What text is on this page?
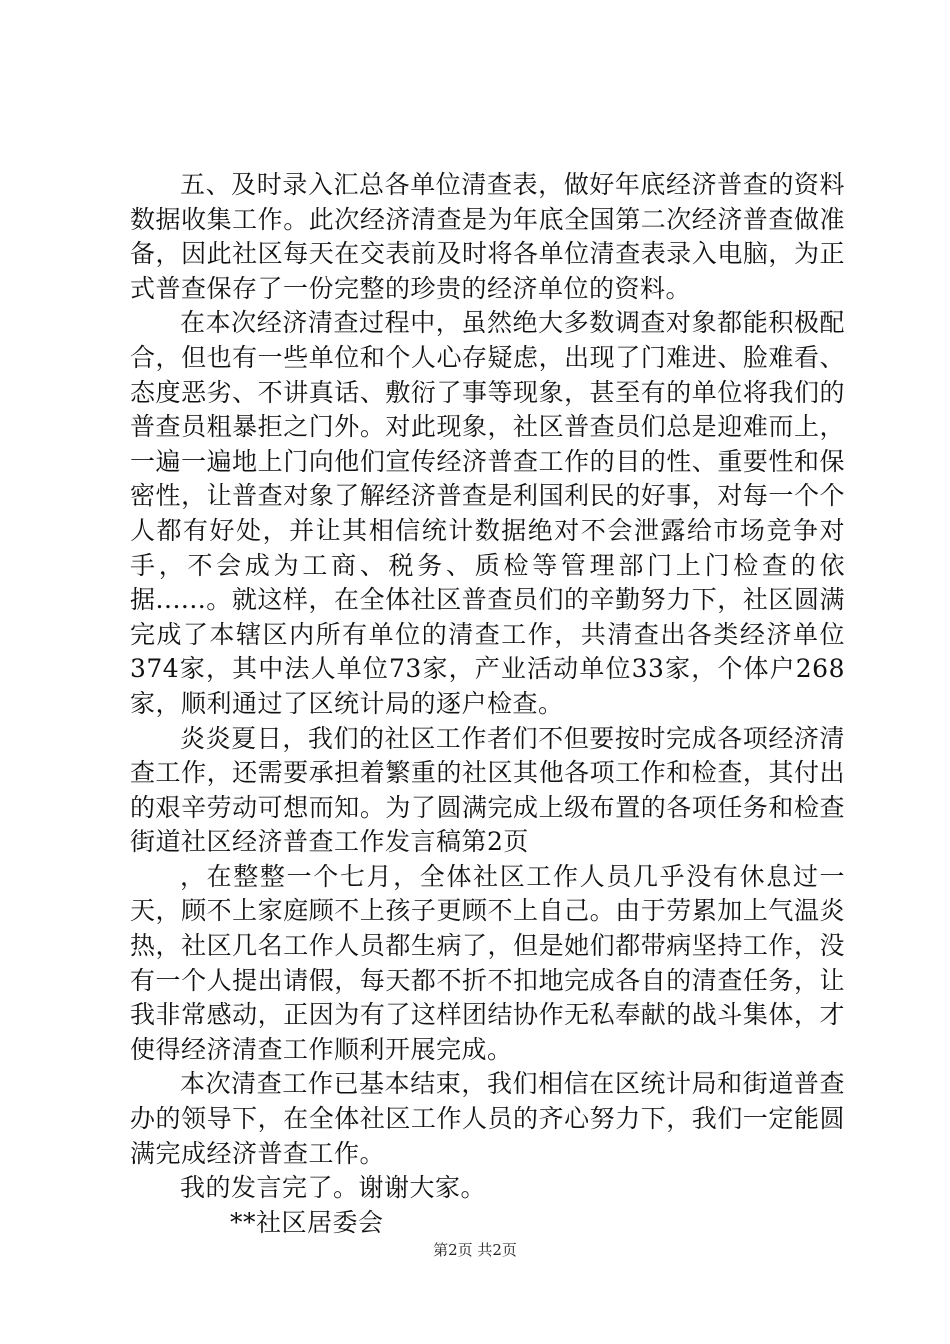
五、及时录入汇总各单位清查表，做好年底经济普查的资料数据收集工作。此次经济清查是为年底全国第二次经济普查做准备，因此社区每天在交表前及时将各单位清查表录入电脑，为正式普查保存了一份完整的珍贵的经济单位的资料。

在本次经济清查过程中，虽然绝大多数调查对象都能积极配合，但也有一些单位和个人心存疑虑，出现了门难进、脸难看、态度恶劣、不讲真话、敷衍了事等现象，甚至有的单位将我们的普查员粗暴拒之门外。对此现象，社区普查员们总是迎难而上，一遍一遍地上门向他们宣传经济普查工作的目的性、重要性和保密性，让普查对象了解经济普查是利国利民的好事，对每一个个人都有好处，并让其相信统计数据绝对不会泄露给市场竞争对手，不会成为工商、税务、质检等管理部门上门检查的依据......。就这样，在全体社区普查员们的辛勤努力下，社区圆满完成了本辖区内所有单位的清查工作，共清查出各类经济单位374家，其中法人单位73家，产业活动单位33家，个体户268家，顺利通过了区统计局的逐户检查。

炎炎夏日，我们的社区工作者们不但要按时完成各项经济清查工作，还需要承担着繁重的社区其他各项工作和检查，其付出的艰辛劳动可想而知。为了圆满完成上级布置的各项任务和检查街道社区经济普查工作发言稿第2页

，在整整一个七月，全体社区工作人员几乎没有休息过一天，顾不上家庭顾不上孩子更顾不上自己。由于劳累加上气温炎热，社区几名工作人员都生病了，但是她们都带病坚持工作，没有一个人提出请假，每天都不折不扣地完成各自的清查任务，让我非常感动，正因为有了这样团结协作无私奉献的战斗集体，才使得经济清查工作顺利开展完成。

本次清查工作已基本结束，我们相信在区统计局和街道普查办的领导下，在全体社区工作人员的齐心努力下，我们一定能圆满完成经济普查工作。

我的发言完了。谢谢大家。

**社区居委会

第2页 共2页
